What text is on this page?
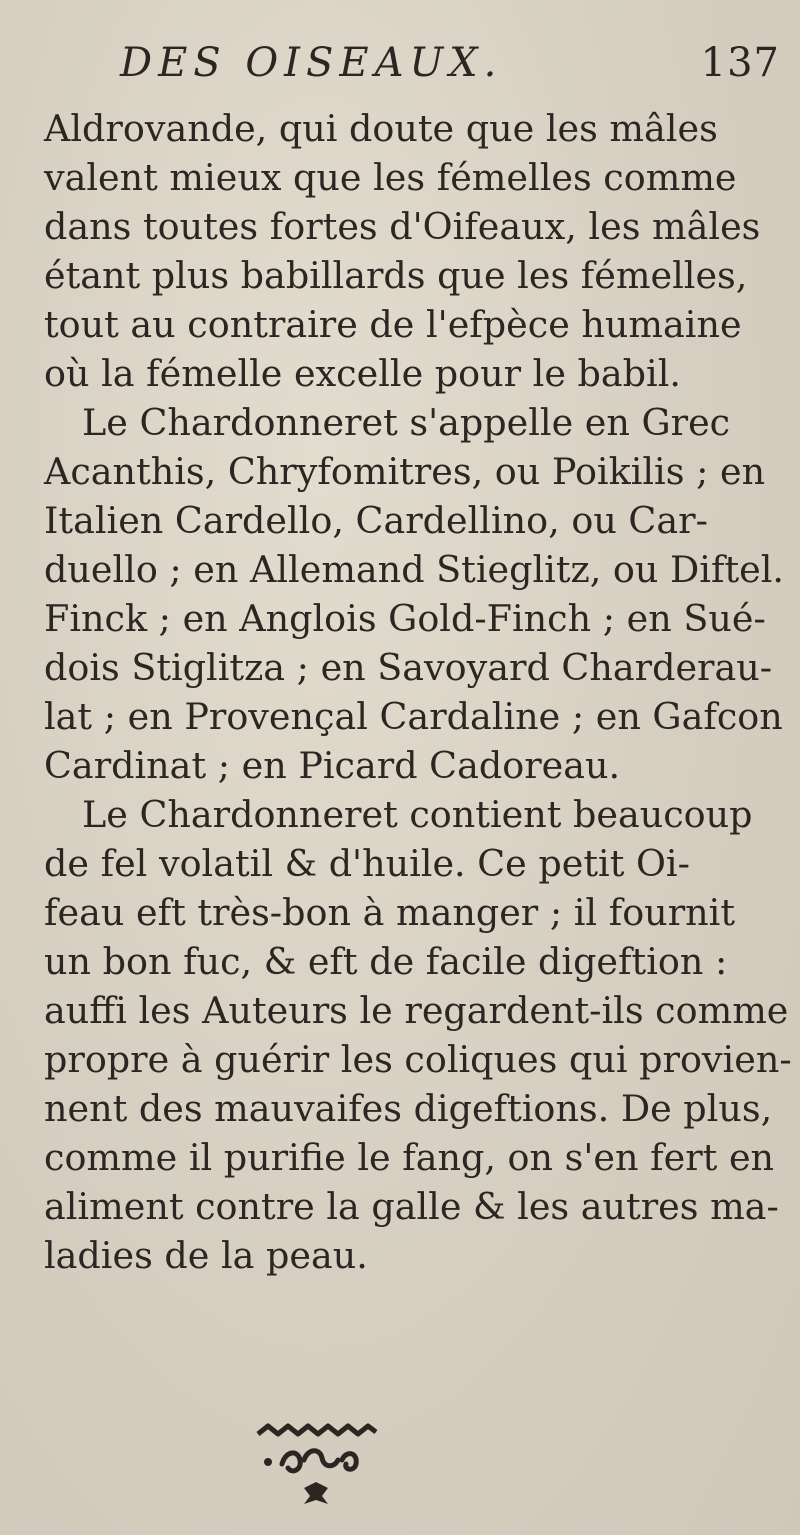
DES OISEAUX.	137

Aldrovande, qui doute que les mâles
valent mieux que les fémelles comme
dans toutes fortes d'Oifeaux, les mâles
étant plus babillards que les fémelles,
tout au contraire de l'efpèce humaine
où la fémelle excelle pour le babil.

Le Chardonneret s'appelle en Grec
Acanthis, Chryfomitres, ou Poikilis ; en
Italien Cardello, Cardellino, ou Car-
duello ; en Allemand Stieglitz, ou Diftel.
Finck ; en Anglois Gold-Finch ; en Sué-
dois Stiglitza ; en Savoyard Charderau-
lat ; en Provençal Cardaline ; en Gafcon
Cardinat ; en Picard Cadoreau.

Le Chardonneret contient beaucoup
de fel volatil & d'huile. Ce petit Oi-
feau eft très-bon à manger ; il fournit
un bon fuc, & eft de facile digeftion :
auffi les Auteurs le regardent-ils comme
propre à guérir les coliques qui provien-
nent des mauvaifes digeftions. De plus,
comme il purifie le fang, on s'en fert en
aliment contre la galle & les autres ma-
ladies de la peau.
